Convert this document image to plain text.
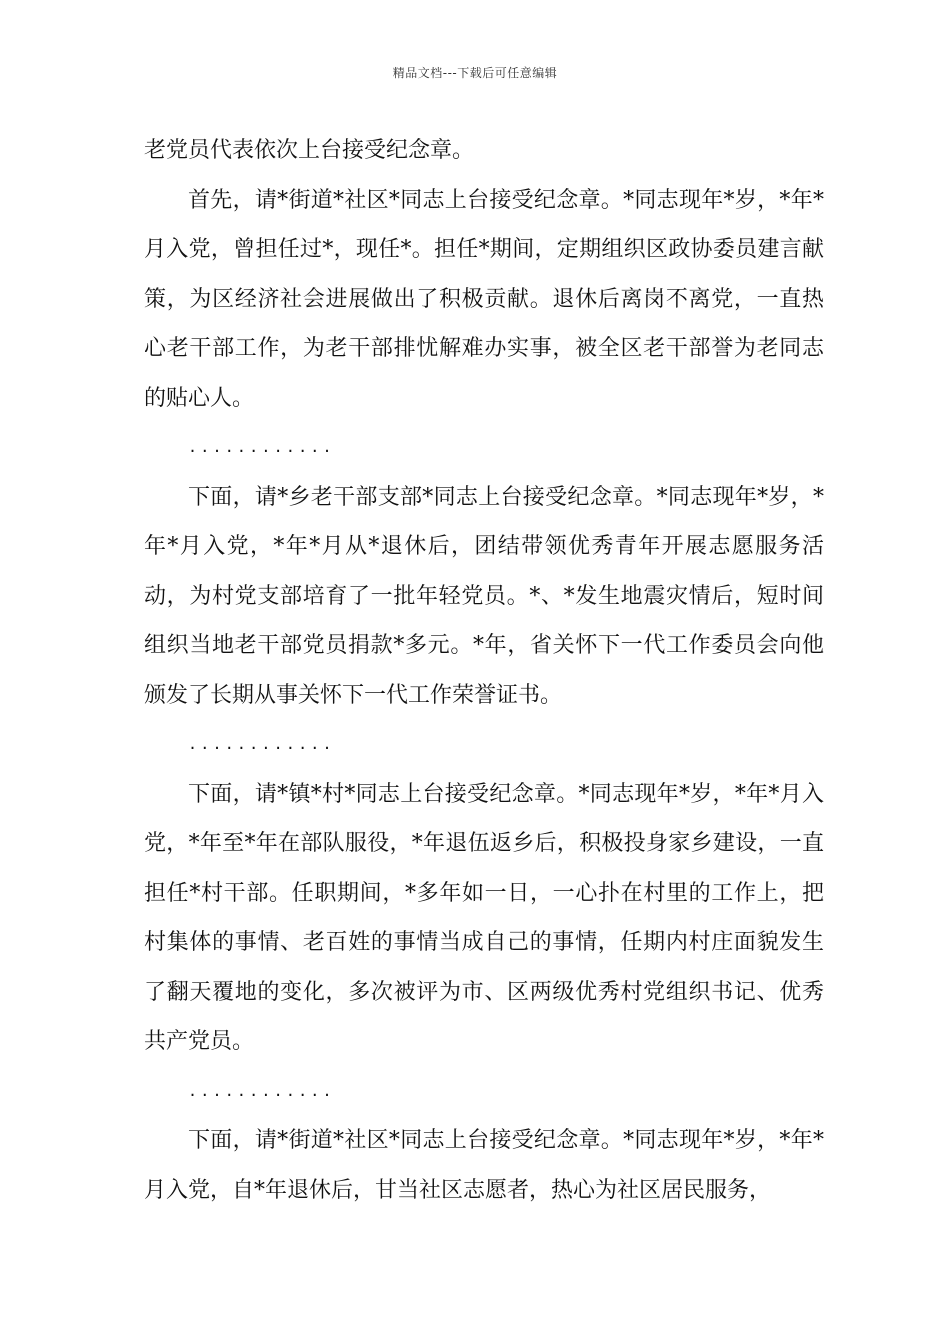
精品文档---下载后可任意编辑

老党员代表依次上台接受纪念章。

首先，请*街道*社区*同志上台接受纪念章。*同志现年*岁，*年*月入党，曾担任过*，现任*。担任*期间，定期组织区政协委员建言献策，为区经济社会进展做出了积极贡献。退休后离岗不离党，一直热心老干部工作，为老干部排忧解难办实事，被全区老干部誉为老同志的贴心人。

............

下面，请*乡老干部支部*同志上台接受纪念章。*同志现年*岁，*年*月入党，*年*月从*退休后，团结带领优秀青年开展志愿服务活动，为村党支部培育了一批年轻党员。*、*发生地震灾情后，短时间组织当地老干部党员捐款*多元。*年，省关怀下一代工作委员会向他颁发了长期从事关怀下一代工作荣誉证书。

............

下面，请*镇*村*同志上台接受纪念章。*同志现年*岁，*年*月入党，*年至*年在部队服役，*年退伍返乡后，积极投身家乡建设，一直担任*村干部。任职期间，*多年如一日，一心扑在村里的工作上，把村集体的事情、老百姓的事情当成自己的事情，任期内村庄面貌发生了翻天覆地的变化，多次被评为市、区两级优秀村党组织书记、优秀共产党员。

............

下面，请*街道*社区*同志上台接受纪念章。*同志现年*岁，*年*月入党，自*年退休后，甘当社区志愿者，热心为社区居民服务，
